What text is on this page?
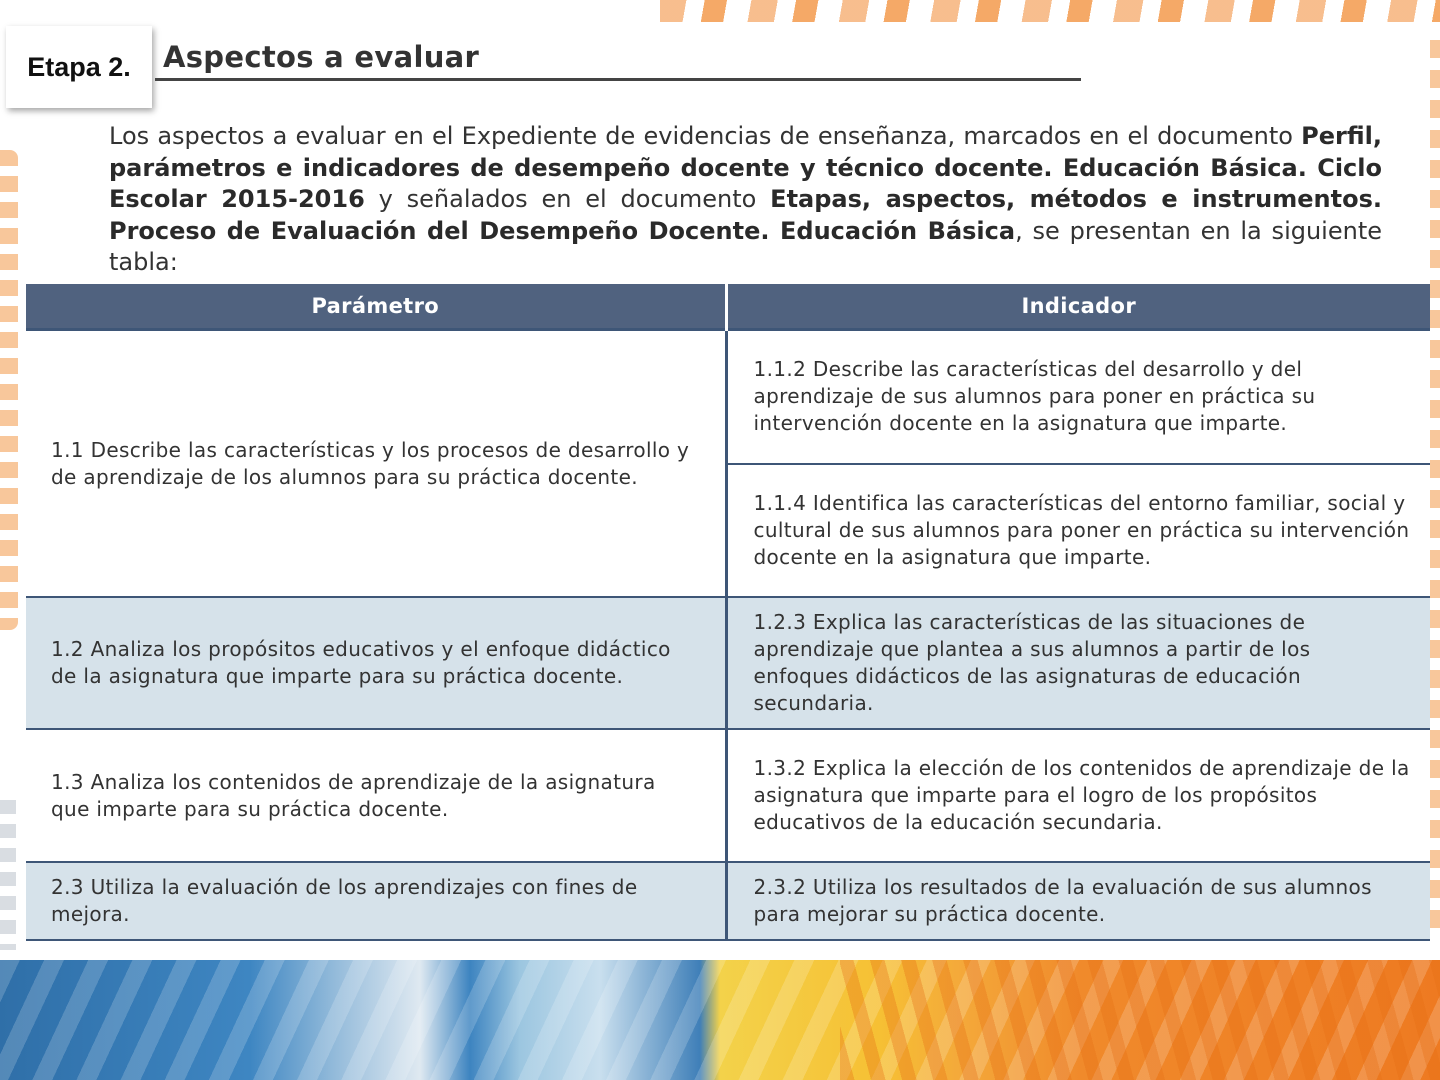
Etapa 2.	Aspectos a evaluar

Los aspectos a evaluar en el Expediente de evidencias de enseñanza, marcados en el documento Perfil, parámetros e indicadores de desempeño docente y técnico docente. Educación Básica. Ciclo Escolar 2015-2016 y señalados en el documento Etapas, aspectos, métodos e instrumentos. Proceso de Evaluación del Desempeño Docente. Educación Básica, se presentan en la siguiente tabla:

Parámetro	Indicador
1.1 Describe las características y los procesos de desarrollo y de aprendizaje de los alumnos para su práctica docente.	1.1.2 Describe las características del desarrollo y del aprendizaje de sus alumnos para poner en práctica su intervención docente en la asignatura que imparte.
	1.1.4 Identifica las características del entorno familiar, social y cultural de sus alumnos para poner en práctica su intervención docente en la asignatura que imparte.
1.2 Analiza los propósitos educativos y el enfoque didáctico de la asignatura que imparte para su práctica docente.	1.2.3 Explica las características de las situaciones de aprendizaje que plantea a sus alumnos a partir de los enfoques didácticos de las asignaturas de educación secundaria.
1.3 Analiza los contenidos de aprendizaje de la asignatura que imparte para su práctica docente.	1.3.2 Explica la elección de los contenidos de aprendizaje de la asignatura que imparte para el logro de los propósitos educativos de la educación secundaria.
2.3 Utiliza la evaluación de los aprendizajes con fines de mejora.	2.3.2 Utiliza los resultados de la evaluación de sus alumnos para mejorar su práctica docente.
